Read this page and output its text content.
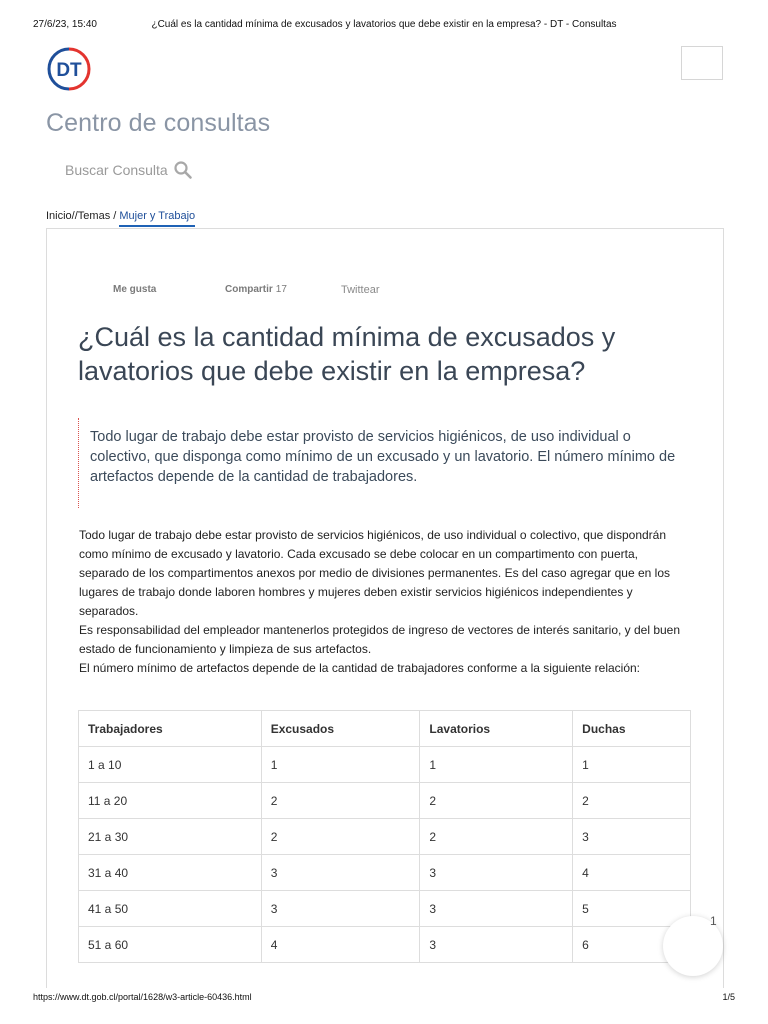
27/6/23, 15:40	¿Cuál es la cantidad mínima de excusados y lavatorios que debe existir en la empresa? - DT - Consultas
DT
Centro de consultas
Buscar Consulta
Inicio//Temas / Mujer y Trabajo
Me gusta	Compartir 17	Twittear
¿Cuál es la cantidad mínima de excusados y lavatorios que debe existir en la empresa?

Todo lugar de trabajo debe estar provisto de servicios higiénicos, de uso individual o colectivo, que disponga como mínimo de un excusado y un lavatorio. El número mínimo de artefactos depende de la cantidad de trabajadores.

Todo lugar de trabajo debe estar provisto de servicios higiénicos, de uso individual o colectivo, que dispondrán como mínimo de excusado y lavatorio. Cada excusado se debe colocar en un compartimento con puerta, separado de los compartimentos anexos por medio de divisiones permanentes. Es del caso agregar que en los lugares de trabajo donde laboren hombres y mujeres deben existir servicios higiénicos independientes y separados.

Es responsabilidad del empleador mantenerlos protegidos de ingreso de vectores de interés sanitario, y del buen estado de funcionamiento y limpieza de sus artefactos.

El número mínimo de artefactos depende de la cantidad de trabajadores conforme a la siguiente relación:

Trabajadores	Excusados	Lavatorios	Duchas
1 a 10	1	1	1
11 a 20	2	2	2
21 a 30	2	2	3
31 a 40	3	3	4
41 a 50	3	3	5
51 a 60	4	3	6
1
https://www.dt.gob.cl/portal/1628/w3-article-60436.html	1/5
